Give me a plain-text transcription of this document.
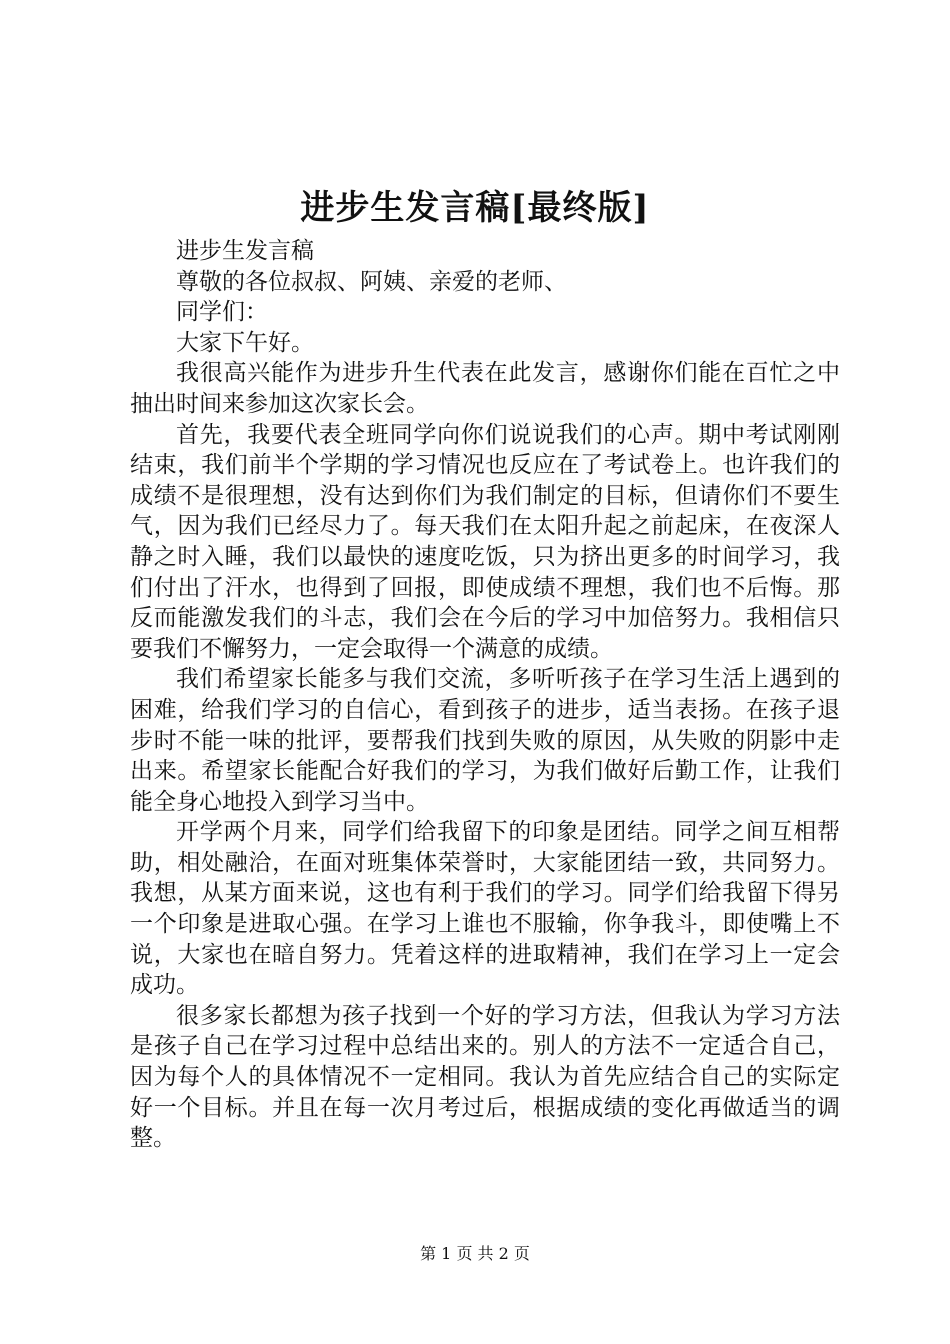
进步生发言稿[最终版]

进步生发言稿

尊敬的各位叔叔、阿姨、亲爱的老师、

同学们：

大家下午好。

我很高兴能作为进步升生代表在此发言，感谢你们能在百忙之中抽出时间来参加这次家长会。

首先，我要代表全班同学向你们说说我们的心声。期中考试刚刚结束，我们前半个学期的学习情况也反应在了考试卷上。也许我们的成绩不是很理想，没有达到你们为我们制定的目标，但请你们不要生气，因为我们已经尽力了。每天我们在太阳升起之前起床，在夜深人静之时入睡，我们以最快的速度吃饭，只为挤出更多的时间学习，我们付出了汗水，也得到了回报，即使成绩不理想，我们也不后悔。那反而能激发我们的斗志，我们会在今后的学习中加倍努力。我相信只要我们不懈努力，一定会取得一个满意的成绩。

我们希望家长能多与我们交流，多听听孩子在学习生活上遇到的困难，给我们学习的自信心，看到孩子的进步，适当表扬。在孩子退步时不能一味的批评，要帮我们找到失败的原因，从失败的阴影中走出来。希望家长能配合好我们的学习，为我们做好后勤工作，让我们能全身心地投入到学习当中。

开学两个月来，同学们给我留下的印象是团结。同学之间互相帮助，相处融洽，在面对班集体荣誉时，大家能团结一致，共同努力。我想，从某方面来说，这也有利于我们的学习。同学们给我留下得另一个印象是进取心强。在学习上谁也不服输，你争我斗，即使嘴上不说，大家也在暗自努力。凭着这样的进取精神，我们在学习上一定会成功。

很多家长都想为孩子找到一个好的学习方法，但我认为学习方法是孩子自己在学习过程中总结出来的。别人的方法不一定适合自己，因为每个人的具体情况不一定相同。我认为首先应结合自己的实际定好一个目标。并且在每一次月考过后，根据成绩的变化再做适当的调整。

第 1 页 共 2 页
